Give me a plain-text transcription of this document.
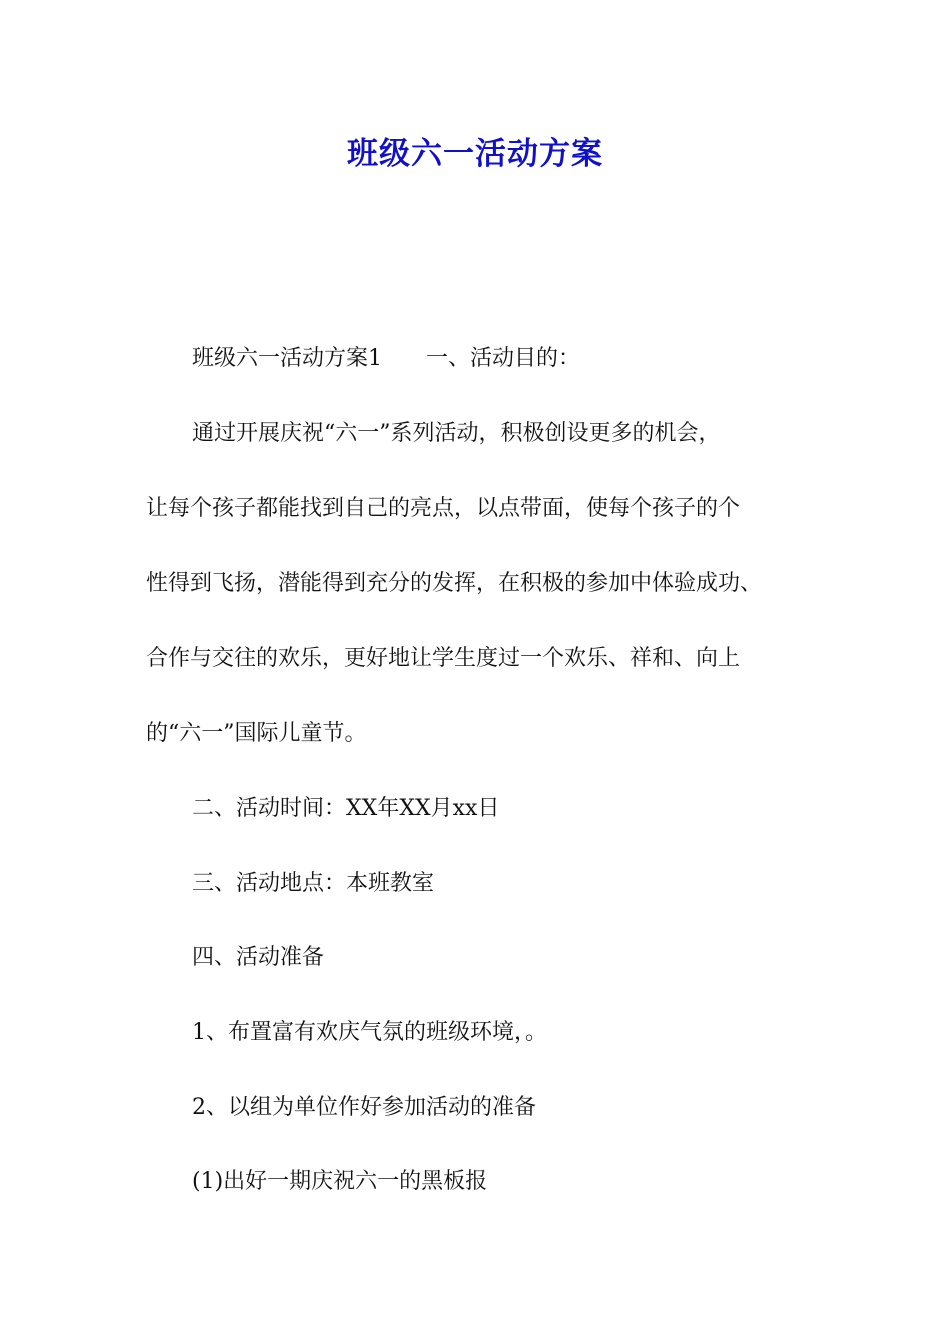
班级六一活动方案

班级六一活动方案1 一、活动目的：

通过开展庆祝“六一”系列活动，积极创设更多的机会，

让每个孩子都能找到自己的亮点，以点带面，使每个孩子的个

性得到飞扬，潜能得到充分的发挥，在积极的参加中体验成功、

合作与交往的欢乐，更好地让学生度过一个欢乐、祥和、向上

的“六一”国际儿童节。

二、活动时间：XX年XX月xx日

三、活动地点：本班教室

四、活动准备

1、布置富有欢庆气氛的班级环境，。

2、以组为单位作好参加活动的准备

(1)出好一期庆祝六一的黑板报
